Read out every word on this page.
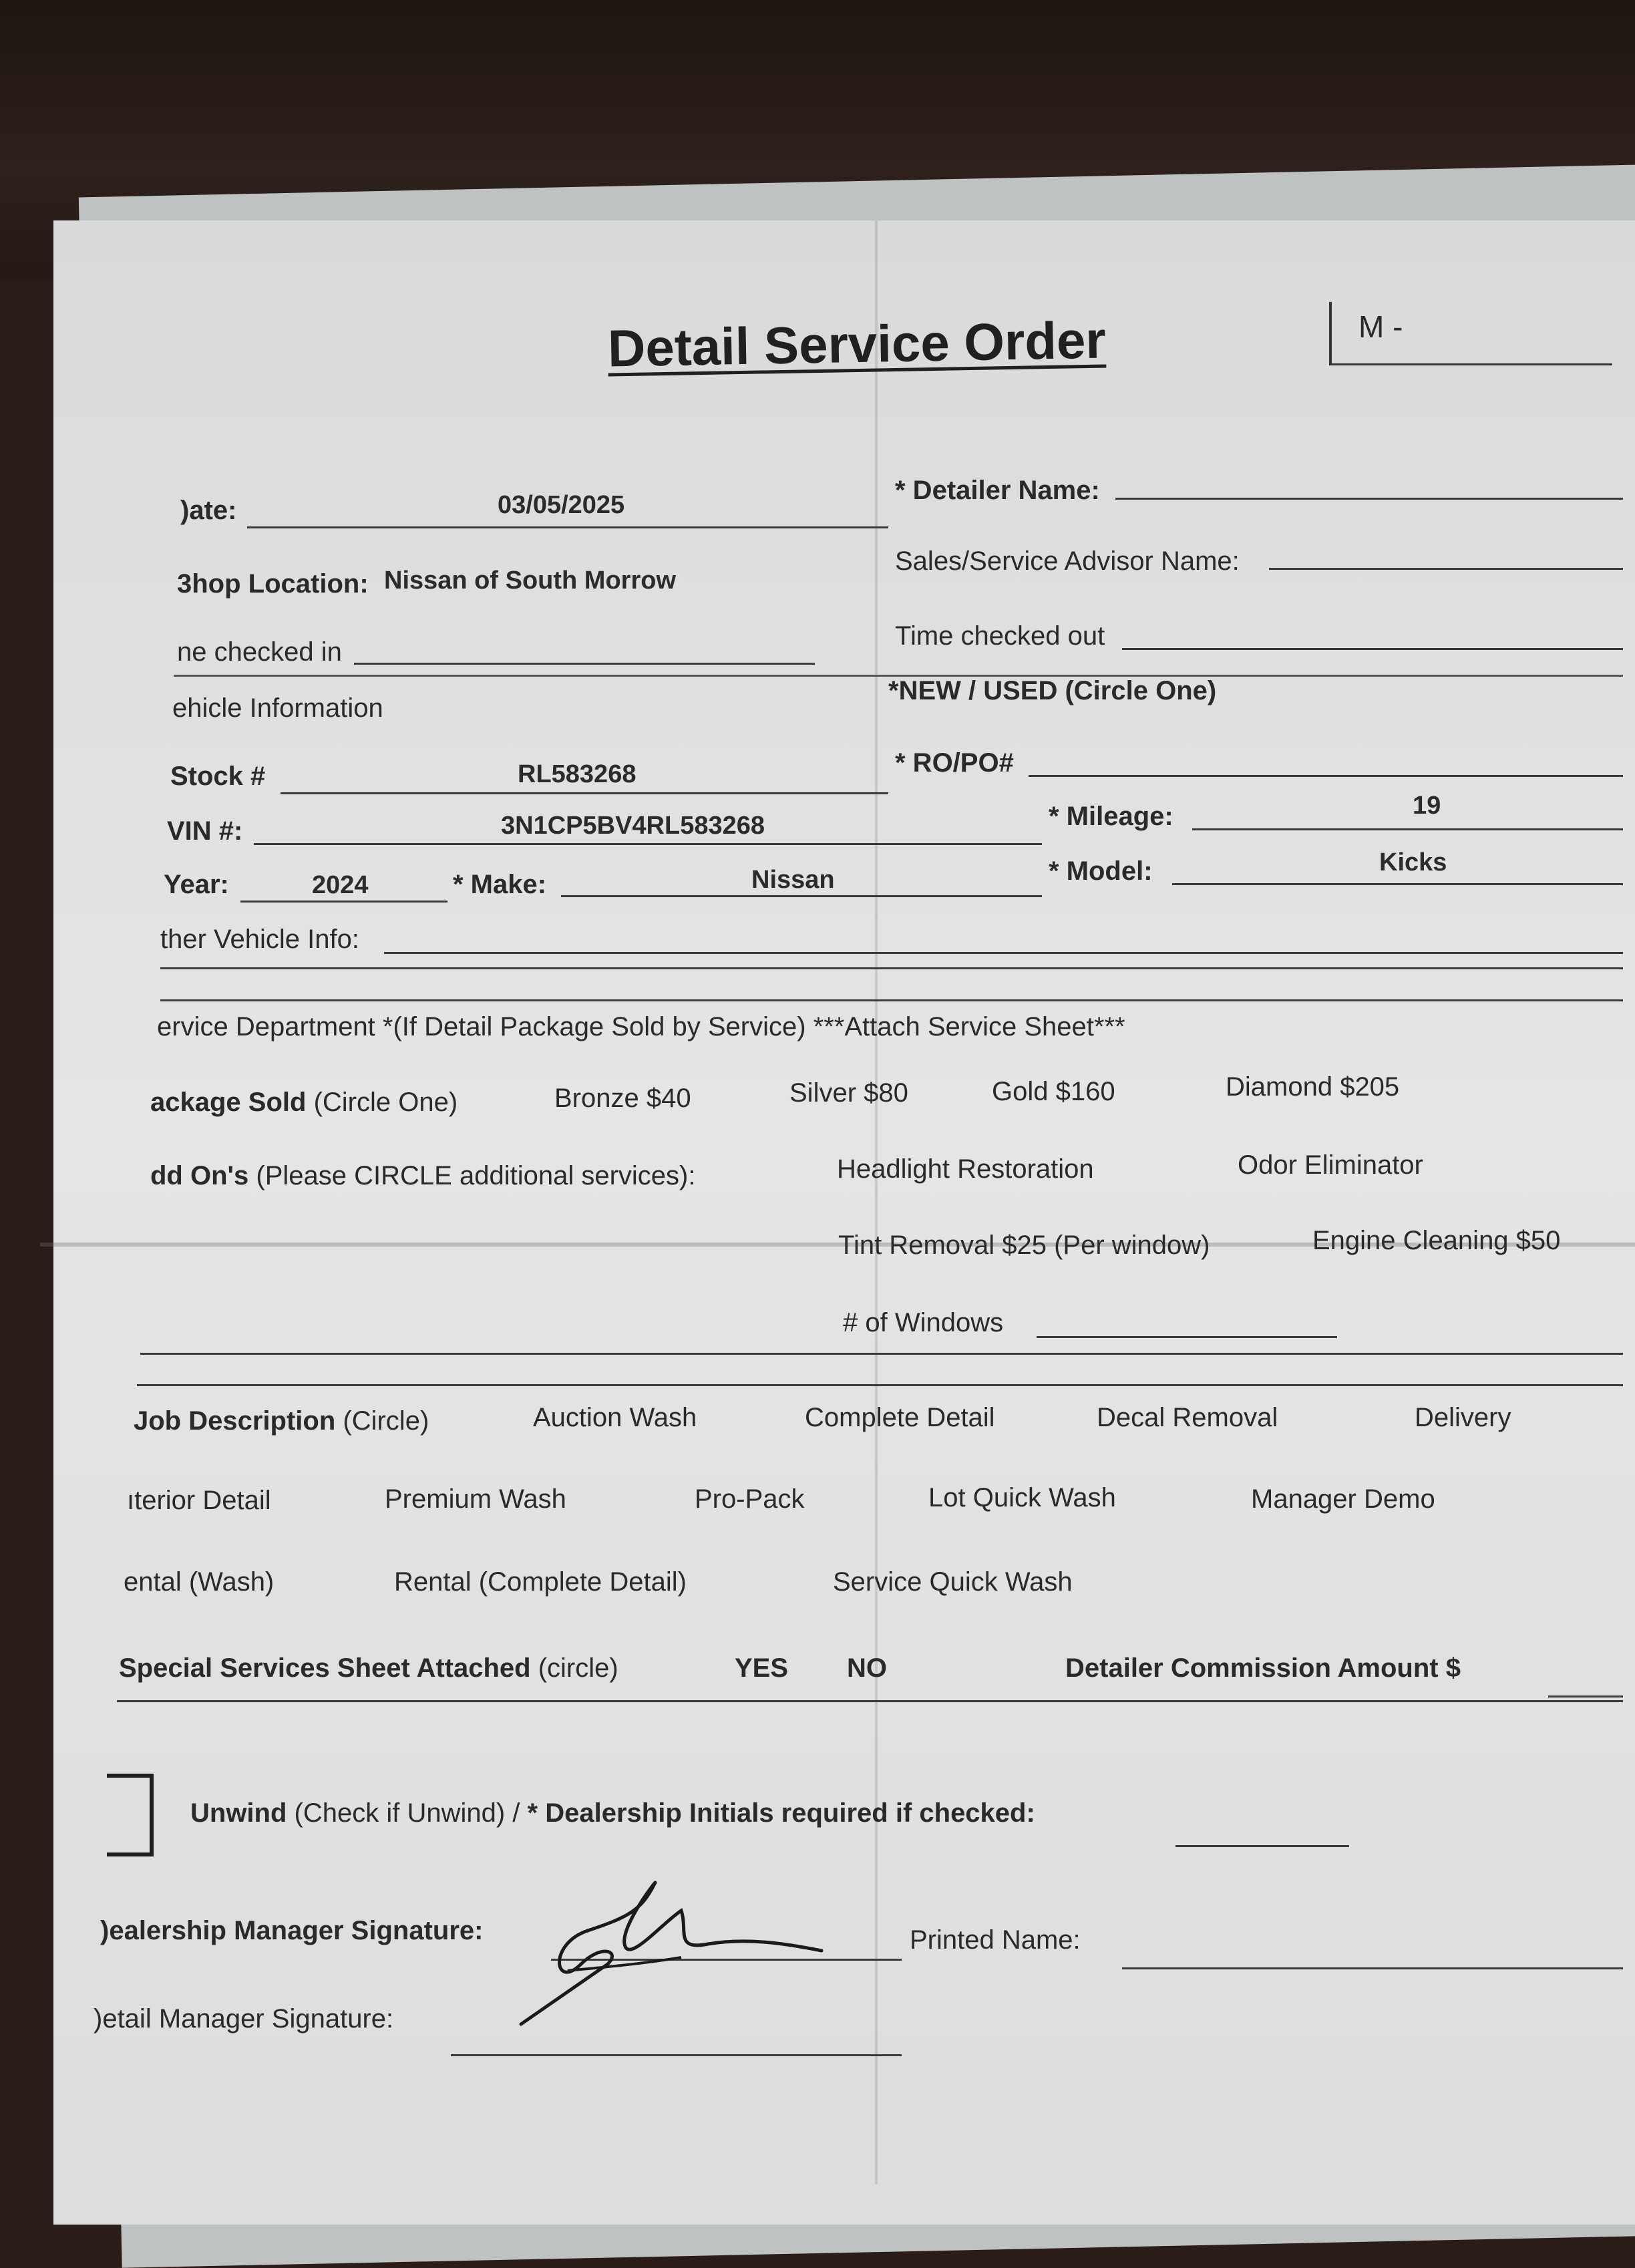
Detail Service Order	M -
)ate:	03/05/2025	* Detailer Name:
3hop Location: Nissan of South Morrow
Sales/Service Advisor Name:
ne checked in
Time checked out
ehicle Information
*NEW / USED (Circle One)
Stock #	RL583268	* RO/PO#
VIN #:	3N1CP5BV4RL583268	* Mileage:	19
Year:	2024	* Make:	Nissan	* Model:	Kicks
ther Vehicle Info:
ervice Department *(If Detail Package Sold by Service) ***Attach Service Sheet***
ackage Sold (Circle One)	Bronze $40	Silver $80	Gold $160	Diamond $205
dd On's (Please CIRCLE additional services):	Headlight Restoration	Odor Eliminator
Tint Removal $25 (Per window)	Engine Cleaning $50
# of Windows
Job Description (Circle)	Auction Wash	Complete Detail	Decal Removal	Delivery
ıterior Detail	Premium Wash	Pro-Pack	Lot Quick Wash	Manager Demo
ental (Wash)	Rental (Complete Detail)	Service Quick Wash
Special Services Sheet Attached (circle)	YES NO	Detailer Commission Amount $
Unwind (Check if Unwind) / * Dealership Initials required if checked:
)ealership Manager Signature:	Printed Name:
)etail Manager Signature:
